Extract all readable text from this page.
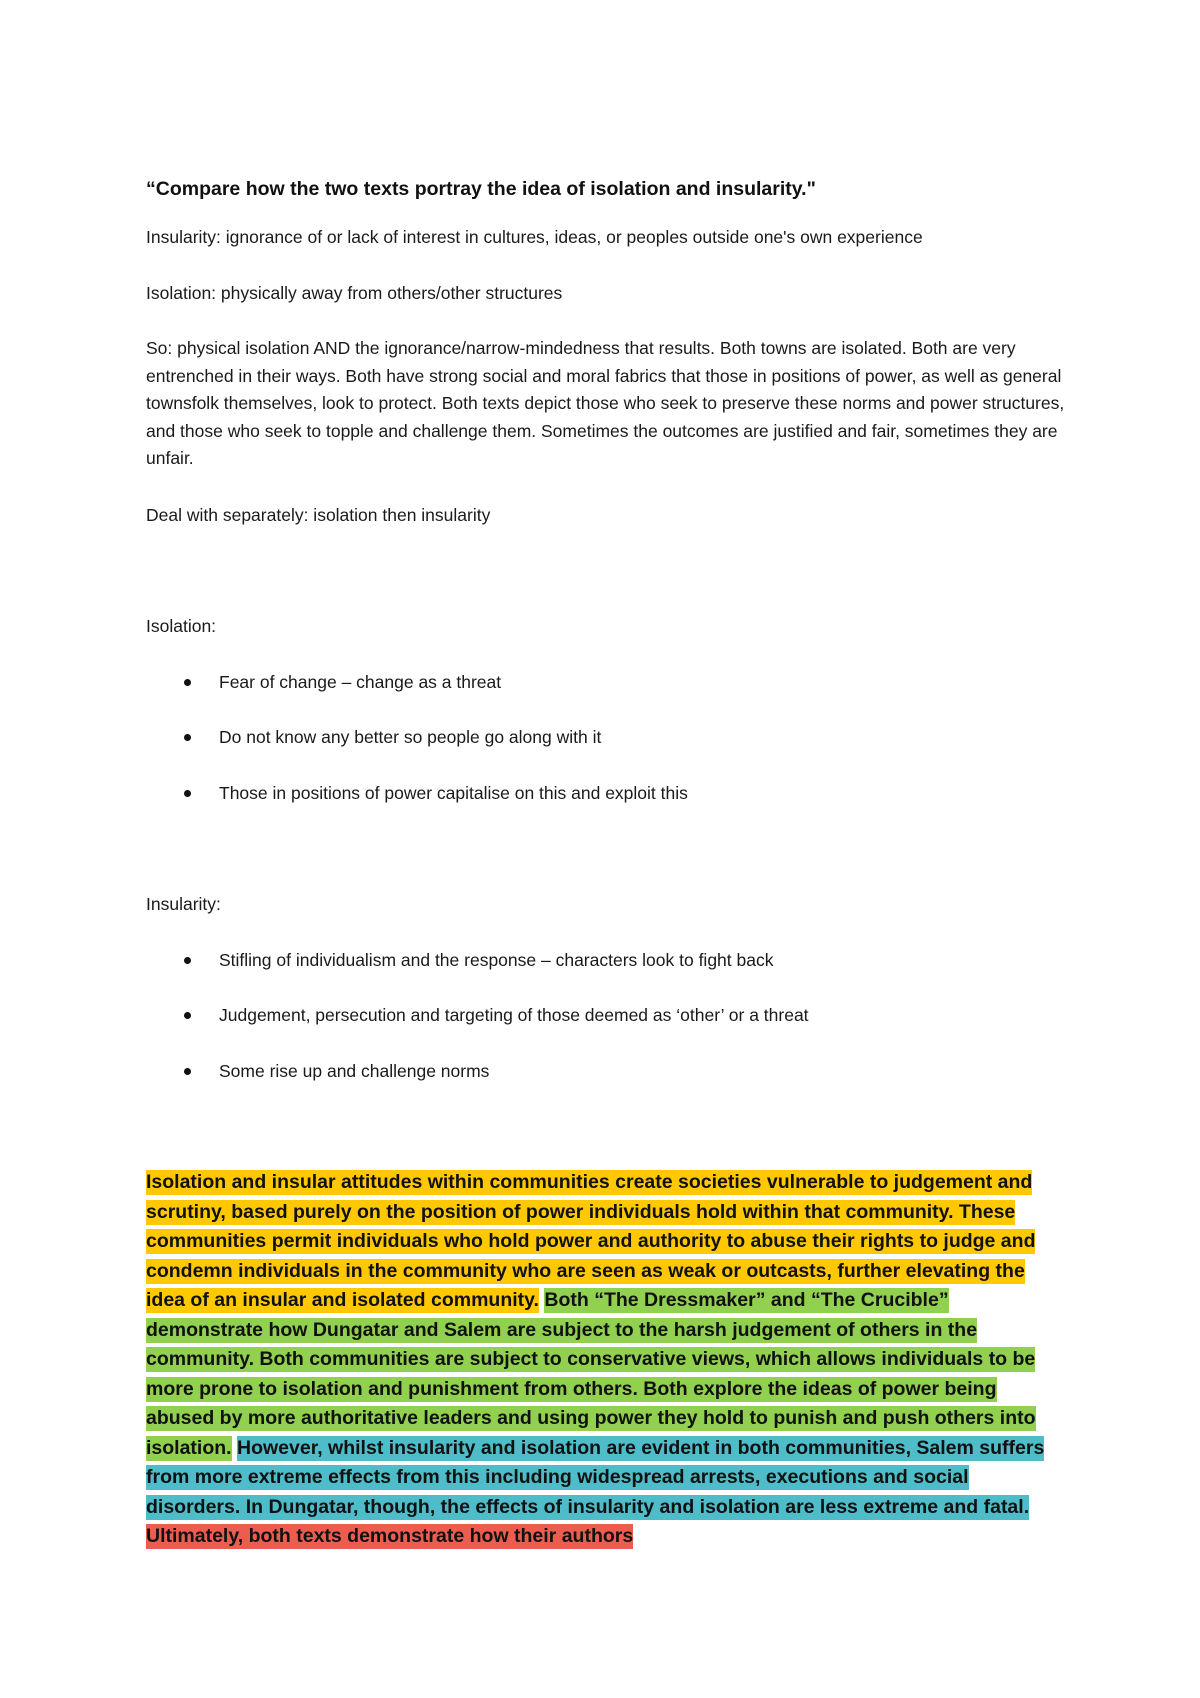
“Compare how the two texts portray the idea of isolation and insularity."

Insularity: ignorance of or lack of interest in cultures, ideas, or peoples outside one's own experience

Isolation: physically away from others/other structures

So: physical isolation AND the ignorance/narrow-mindedness that results. Both towns are isolated. Both are very entrenched in their ways. Both have strong social and moral fabrics that those in positions of power, as well as general townsfolk themselves, look to protect. Both texts depict those who seek to preserve these norms and power structures, and those who seek to topple and challenge them. Sometimes the outcomes are justified and fair, sometimes they are unfair.

Deal with separately: isolation then insularity

Isolation:

Fear of change – change as a threat
Do not know any better so people go along with it
Those in positions of power capitalise on this and exploit this

Insularity:

Stifling of individualism and the response – characters look to fight back
Judgement, persecution and targeting of those deemed as ‘other’ or a threat
Some rise up and challenge norms

Isolation and insular attitudes within communities create societies vulnerable to judgement and scrutiny, based purely on the position of power individuals hold within that community. These communities permit individuals who hold power and authority to abuse their rights to judge and condemn individuals in the community who are seen as weak or outcasts, further elevating the idea of an insular and isolated community. Both “The Dressmaker” and “The Crucible” demonstrate how Dungatar and Salem are subject to the harsh judgement of others in the community. Both communities are subject to conservative views, which allows individuals to be more prone to isolation and punishment from others. Both explore the ideas of power being abused by more authoritative leaders and using power they hold to punish and push others into isolation. However, whilst insularity and isolation are evident in both communities, Salem suffers from more extreme effects from this including widespread arrests, executions and social disorders. In Dungatar, though, the effects of insularity and isolation are less extreme and fatal. Ultimately, both texts demonstrate how their authors
